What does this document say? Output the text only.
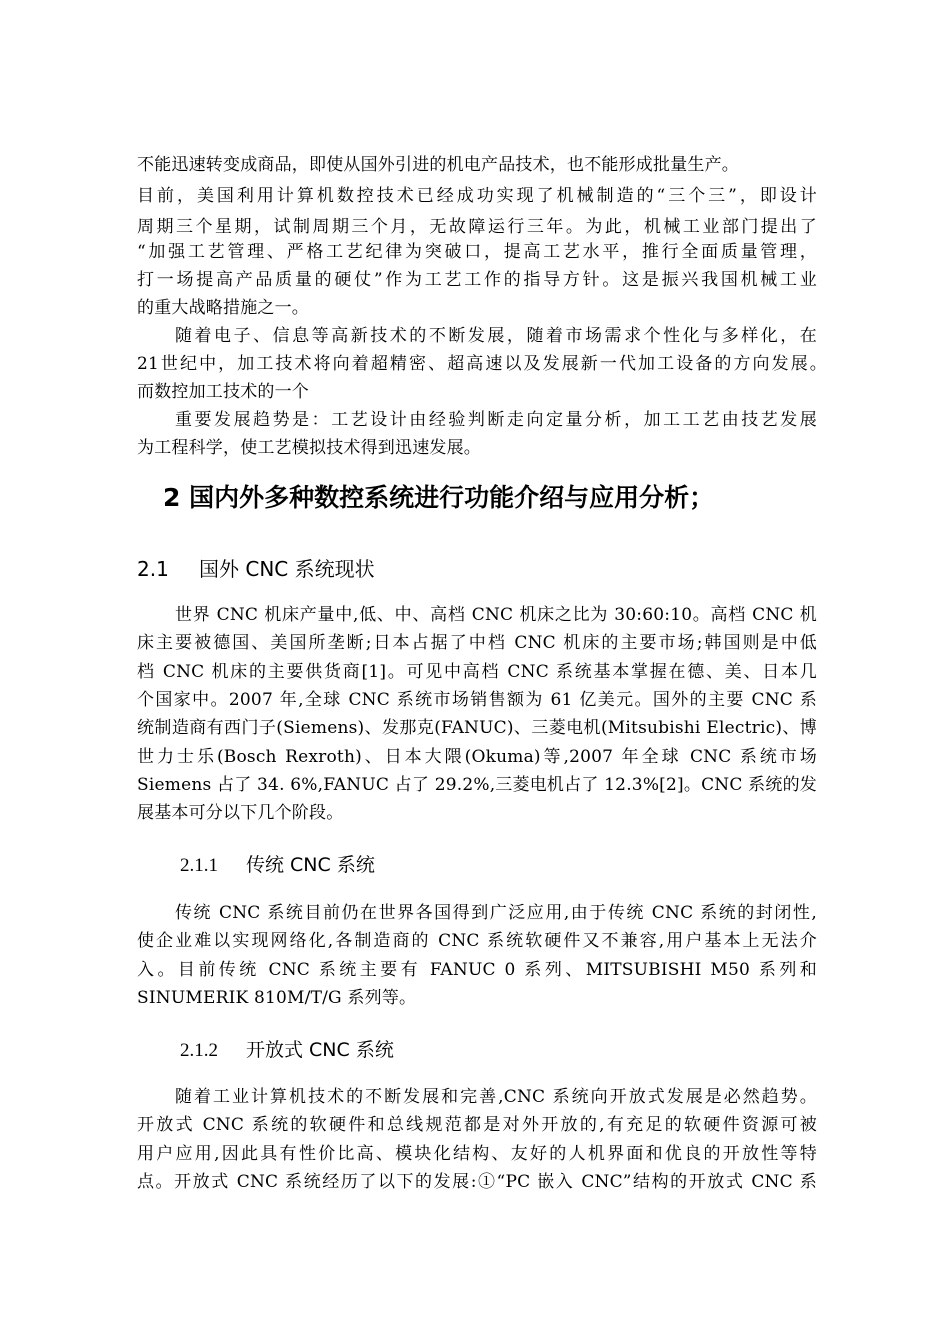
不能迅速转变成商品，即使从国外引进的机电产品技术，也不能形成批量生产。
目前，美国利用计算机数控技术已经成功实现了机械制造的“三个三”，即设计
周期三个星期，试制周期三个月，无故障运行三年。为此，机械工业部门提出了
“加强工艺管理、严格工艺纪律为突破口，提高工艺水平，推行全面质量管理，
打一场提高产品质量的硬仗”作为工艺工作的指导方针。这是振兴我国机械工业
的重大战略措施之一。
随着电子、信息等高新技术的不断发展，随着市场需求个性化与多样化，在
21世纪中，加工技术将向着超精密、超高速以及发展新一代加工设备的方向发展。
而数控加工技术的一个
重要发展趋势是：工艺设计由经验判断走向定量分析，加工工艺由技艺发展
为工程科学，使工艺模拟技术得到迅速发展。
2 国内外多种数控系统进行功能介绍与应用分析；
2.1 国外 CNC 系统现状
世界 CNC 机床产量中,低、中、高档 CNC 机床之比为 30:60:10。高档 CNC 机
床主要被德国、美国所垄断;日本占据了中档 CNC 机床的主要市场;韩国则是中低
档 CNC 机床的主要供货商[1]。可见中高档 CNC 系统基本掌握在德、美、日本几
个国家中。2007 年,全球 CNC 系统市场销售额为 61 亿美元。国外的主要 CNC 系
统制造商有西门子(Siemens)、发那克(FANUC)、三菱电机(Mitsubishi Electric)、博
世力士乐(Bosch Rexroth)、日本大隈(Okuma)等,2007 年全球 CNC 系统市场
Siemens 占了 34. 6%,FANUC 占了 29.2%,三菱电机占了 12.3%[2]。CNC 系统的发
展基本可分以下几个阶段。
2.1.1 传统 CNC 系统
传统 CNC 系统目前仍在世界各国得到广泛应用,由于传统 CNC 系统的封闭性,
使企业难以实现网络化,各制造商的 CNC 系统软硬件又不兼容,用户基本上无法介
入。目前传统 CNC 系统主要有 FANUC 0 系列、MITSUBISHI M50 系列和
SINUMERIK 810M/T/G 系列等。
2.1.2 开放式 CNC 系统
随着工业计算机技术的不断发展和完善,CNC 系统向开放式发展是必然趋势。
开放式 CNC 系统的软硬件和总线规范都是对外开放的,有充足的软硬件资源可被
用户应用,因此具有性价比高、模块化结构、友好的人机界面和优良的开放性等特
点。开放式 CNC 系统经历了以下的发展:①“PC 嵌入 CNC”结构的开放式 CNC 系
